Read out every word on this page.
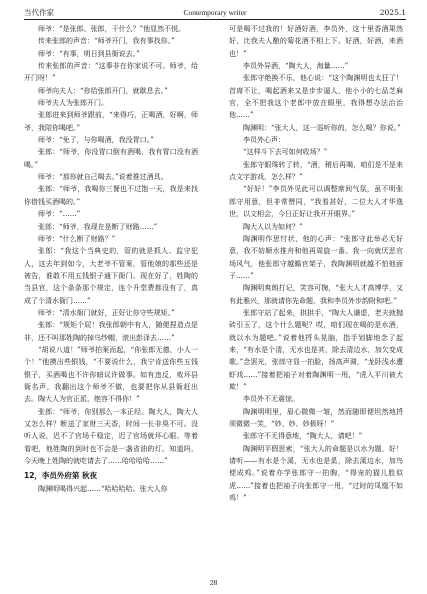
当代作家	Contemporary writer	2025.1

师爷：“是张郎。张郎，干什么？”他显然不悦。

传来张郎的声音：“师爷开门，我有事找你。”

师爷：“有事，明日到县衙说去。”

传来张郎的声音：“这事非在你家说不可。师爷，给开门呀！”

师爷向夫人：“你给张郎开门，就歇息去。”

师爷夫人为张郎开门。

张郎进来到师爷跟前，“来得巧，正喝酒，好啊，师爷，我陪你喝吧。”

师爷：“免了，与你喝酒，我没胃口。”

张郎：“师爷，你没胃口倒有酒喝，我有胃口没有酒喝。”

师爷：“那你就自己喝去。”说着推过酒具。

张郎：“师爷，我喝你三餐也不过饱一天，我是来找你借钱买酒喝的。”

师爷：“……”

张郎：“师爷，我现在是断了财路……”

师爷：“什么断了财路？”

张郎：“我这个当典史的，管的就是抓人、监守犯人，这去年到如今，大老爷不管案，管他娘的那些还是被告，谁敢不用五钱银子通下衙门。现在好了，姓陶的当县官，这个条条那个规定，连个升堂费都没有了，真成了个清水衙门……”

师爷：“清水衙门就好，正好让你守些规矩。”

张郎：“规矩个屁！我张郎朝中有人，随便捏造点是非，还不叫那姓陶的掉乌纱帽，滚出彭泽去……”

“胡说八道！”师爷拍案而起，“你张郎无德，小人一个！”他摸出些银钱，“不要说什么，我宁肯送你些五钱银子，买酒喝也不许你暗议许做事。如有违反，败坏县衙名声，我翻出这个师爷不做，也要把你从县衙赶出去。陶大人为官正派，绝容不得你！”

张郎：“师爷，你别那么一本正经。陶大人，陶大人又怎么样？断送了家财三天香，时间一长非臭不可。没听人说，迟不了官场千稳定，迟了官场就坏心眼。等着看吧，他姓陶的到时也不会是一盏省油的灯。知道吗，今天晚上姓陶的就吃请去了……哈哈哈哈……”

12，李员外府第 秋夜

陶渊明喝得兴起……“哈哈哈哈。张大人你

可是喝不过我的！好酒好酒，李员外，这十里香酒果然好，比我夫人酿的菊花酒不相上下。好酒，好酒，来酒也！”

李员外异酒，“陶大人，海量……”

张郎守绝换不乐，他心说：“这个陶渊明也太狂了！首席不让，喝起酒来又是步步逼人，他小小的七品芝麻官，全不把我这个老郎中放在眼里，我得想办法治治他……”

陶渊明：“张大人，这一巡听你的，怎么喝？你说。”

李员外心声：

“这样斗下去可如何收场？”

张郎守眼珠转了转，“酒，稍后再喝，咱们是不是来点文字游戏，怎么样？”

“好好！”李员外见此可以调整席间气氛，虽不明张郎守用意，但非常赞同，“我看甚好，二位大人才华逸世，以文相会，今日正好让我开开眼界。”

陶大人以为如何？”

陶渊明作思忖状，他的心声：“张郎守此举必无好意，我不妨顺水推舟和他再周旋一番。我一向就厌恶官场风气，他张郎守越瞻官架子，我陶渊明就越不怕他面子……”

陶渊明爽朗打记，笑容可掬，“张大人才高博学，又有此雅兴，那就请你先命题，我和李员外步韵附和吧。”

张郎守站了起来，拱拱手，“陶大人谦虚，老夫就抛砖引玉了，这个什么题呢？哎，咱们现在喝的是水酒，就以水为题吧。”说着他捋头晃脑，指手划脚地念了起来，“有水是个清，无水也是其，除去清边水，加欠变成歌。”念罢光，张郎守显一拍脸，扬高声调，“龙卧浅水遭虾戏……”接着把袖子对着陶渊明一甩，“虎入平川被犬欺！”

李员外不无震惊。

陶渊明明里，眉心微微一皱，然而随即便坦然地捋须微微一笑，“妙、妙、妙极呀！”

张郎守不无得意地，“陶大人，请吧！”

陶渊明平假思索，“张大人的命题是以水为题，好！请听——有水是个溪，无水也是奚，除去溪边水，加鸟便成鸡。”说着亦学张郎守一拍胸，“得宠的猫儿胜似虎……”接着也把袖子向张郎守一甩，“过时的凤凰不如鸡！”

28
